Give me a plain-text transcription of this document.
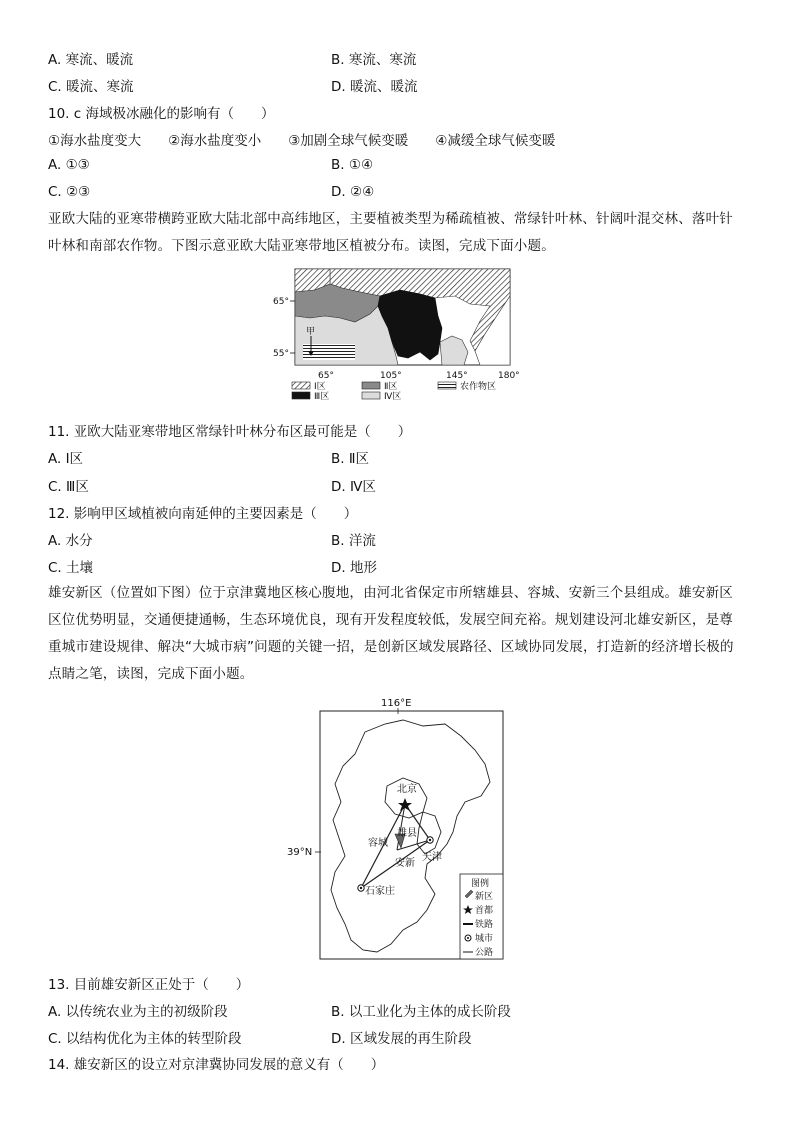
A. 寒流、暖流	B. 寒流、寒流
C. 暖流、寒流	D. 暖流、暖流
10. c 海域极冰融化的影响有（　　）
①海水盐度变大　　②海水盐度变小　　③加剧全球气候变暖　　④减缓全球气候变暖
A. ①③	B. ①④
C. ②③	D. ②④
亚欧大陆的亚寒带横跨亚欧大陆北部中高纬地区，主要植被类型为稀疏植被、常绿针叶林、针阔叶混交林、落叶针
叶林和南部农作物。下图示意亚欧大陆亚寒带地区植被分布。读图，完成下面小题。
甲
65°
55°
65°	105°	145°	180°
Ⅰ区	Ⅱ区	农作物区
Ⅲ区	Ⅳ区
11. 亚欧大陆亚寒带地区常绿针叶林分布区最可能是（　　）
A. Ⅰ区	B. Ⅱ区
C. Ⅲ区	D. Ⅳ区
12. 影响甲区域植被向南延伸的主要因素是（　　）
A. 水分	B. 洋流
C. 土壤	D. 地形
雄安新区（位置如下图）位于京津冀地区核心腹地，由河北省保定市所辖雄县、容城、安新三个县组成。雄安新区
区位优势明显，交通便捷通畅，生态环境优良，现有开发程度较低，发展空间充裕。规划建设河北雄安新区，是尊
重城市建设规律、解决“大城市病”问题的关键一招，是创新区域发展路径、区域协同发展，打造新的经济增长极的
点睛之笔，读图，完成下面小题。
116°E
39°N
北京
雄县
容城
天津
安新
石家庄
图例
新区
首都
铁路
城市
公路
13. 目前雄安新区正处于（　　）
A. 以传统农业为主的初级阶段	B. 以工业化为主体的成长阶段
C. 以结构优化为主体的转型阶段	D. 区域发展的再生阶段
14. 雄安新区的设立对京津冀协同发展的意义有（　　）
